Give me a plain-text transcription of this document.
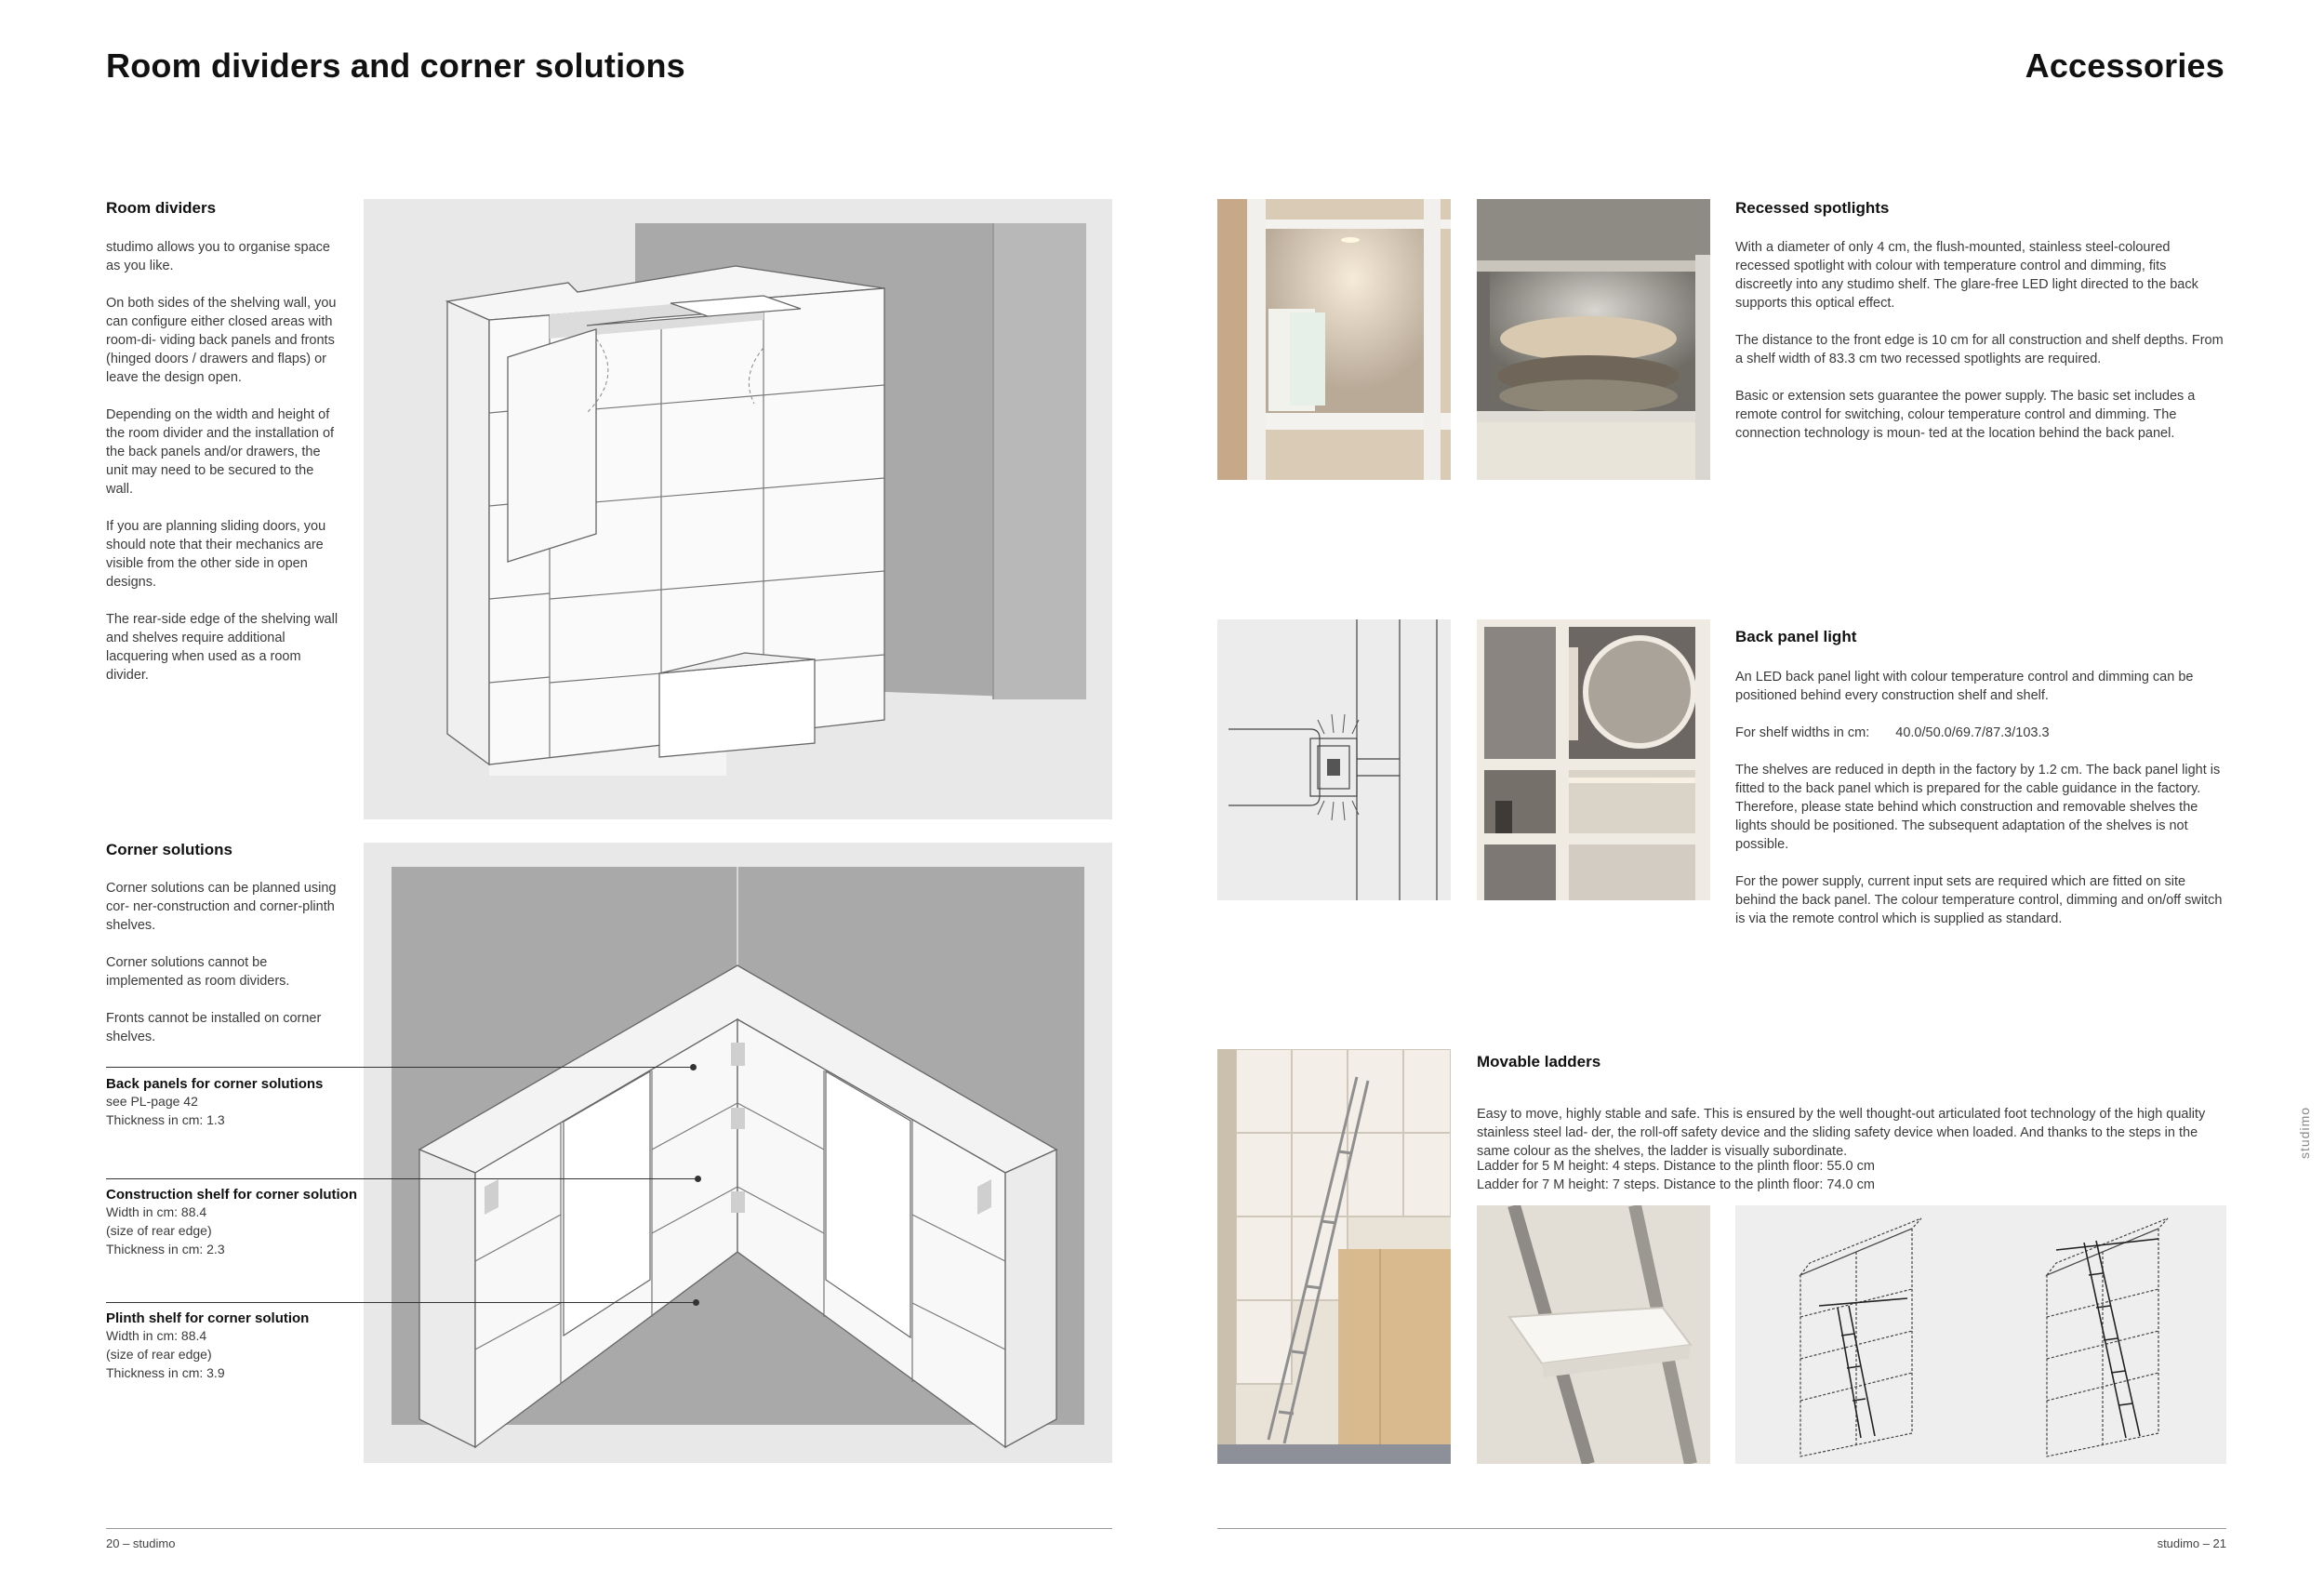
Room dividers and corner solutions
Room dividers

studimo allows you to organise space as you like.

On both sides of the shelving wall, you can configure either closed areas with room-di- viding back panels and fronts (hinged doors / drawers and flaps) or leave the design open.

Depending on the width and height of the room divider and the installation of the back panels and/or drawers, the unit may need to be secured to the wall.

If you are planning sliding doors, you should note that their mechanics are visible from the other side in open designs.

The rear-side edge of the shelving wall and shelves require additional lacquering when used as a room divider.

Corner solutions

Corner solutions can be planned using cor- ner-construction and corner-plinth shelves.

Corner solutions cannot be implemented as room dividers.

Fronts cannot be installed on corner shelves.

Back panels for corner solutions
see PL-page 42
Thickness in cm: 1.3
Construction shelf for corner solution
Width in cm: 88.4
(size of rear edge)
Thickness in cm: 2.3
Plinth shelf for corner solution
Width in cm: 88.4
(size of rear edge)
Thickness in cm: 3.9
20 – studimo
Accessories
Recessed spotlights

With a diameter of only 4 cm, the flush-mounted, stainless steel-coloured recessed spotlight with colour with temperature control and dimming, fits discreetly into any studimo shelf. The glare-free LED light directed to the back supports this optical effect.

The distance to the front edge is 10 cm for all construction and shelf depths. From a shelf width of 83.3 cm two recessed spotlights are required.

Basic or extension sets guarantee the power supply. The basic set includes a remote control for switching, colour temperature control and dimming. The connection technology is moun- ted at the location behind the back panel.

Back panel light

An LED back panel light with colour temperature control and dimming can be positioned behind every construction shelf and shelf.

For shelf widths in cm: 40.0/50.0/69.7/87.3/103.3

The shelves are reduced in depth in the factory by 1.2 cm. The back panel light is fitted to the back panel which is prepared for the cable guidance in the factory. Therefore, please state behind which construction and removable shelves the lights should be positioned. The subsequent adaptation of the shelves is not possible.

For the power supply, current input sets are required which are fitted on site behind the back panel. The colour temperature control, dimming and on/off switch is via the remote control which is supplied as standard.

Movable ladders

Easy to move, highly stable and safe. This is ensured by the well thought-out articulated foot technology of the high quality stainless steel lad- der, the roll-off safety device and the sliding safety device when loaded. And thanks to the steps in the same colour as the shelves, the ladder is visually subordinate.

Ladder for 5 M height: 4 steps. Distance to the plinth floor: 55.0 cm
Ladder for 7 M height: 7 steps. Distance to the plinth floor: 74.0 cm
studimo
studimo – 21
